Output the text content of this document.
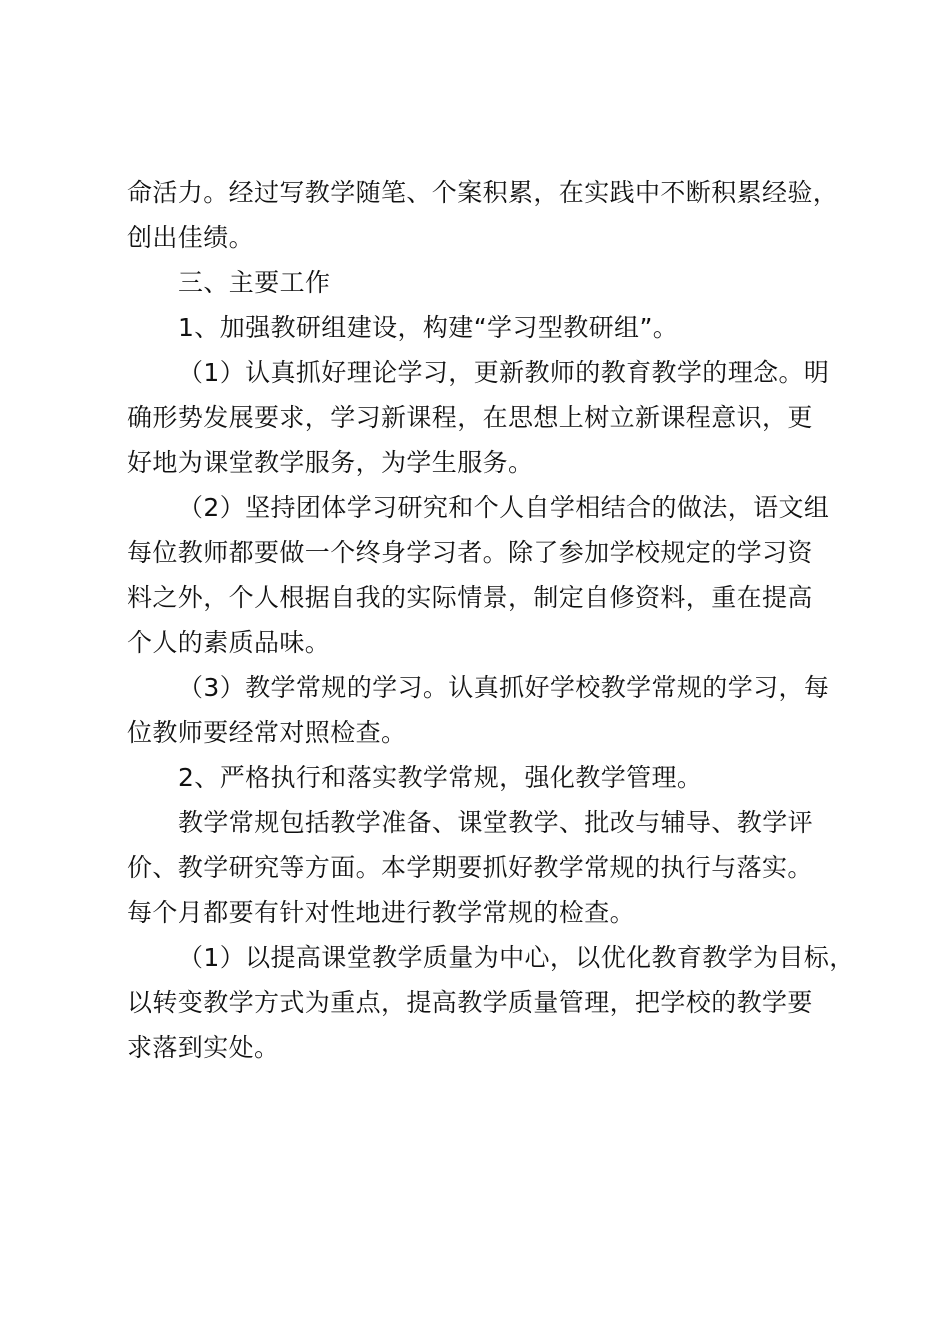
命活力。经过写教学随笔、个案积累，在实践中不断积累经验，
创出佳绩。
三、主要工作
1、加强教研组建设，构建“学习型教研组”。
（1）认真抓好理论学习，更新教师的教育教学的理念。明
确形势发展要求，学习新课程，在思想上树立新课程意识，更
好地为课堂教学服务，为学生服务。
（2）坚持团体学习研究和个人自学相结合的做法，语文组
每位教师都要做一个终身学习者。除了参加学校规定的学习资
料之外，个人根据自我的实际情景，制定自修资料，重在提高
个人的素质品味。
（3）教学常规的学习。认真抓好学校教学常规的学习，每
位教师要经常对照检查。
2、严格执行和落实教学常规，强化教学管理。
教学常规包括教学准备、课堂教学、批改与辅导、教学评
价、教学研究等方面。本学期要抓好教学常规的执行与落实。
每个月都要有针对性地进行教学常规的检查。
（1）以提高课堂教学质量为中心，以优化教育教学为目标，
以转变教学方式为重点，提高教学质量管理，把学校的教学要
求落到实处。
